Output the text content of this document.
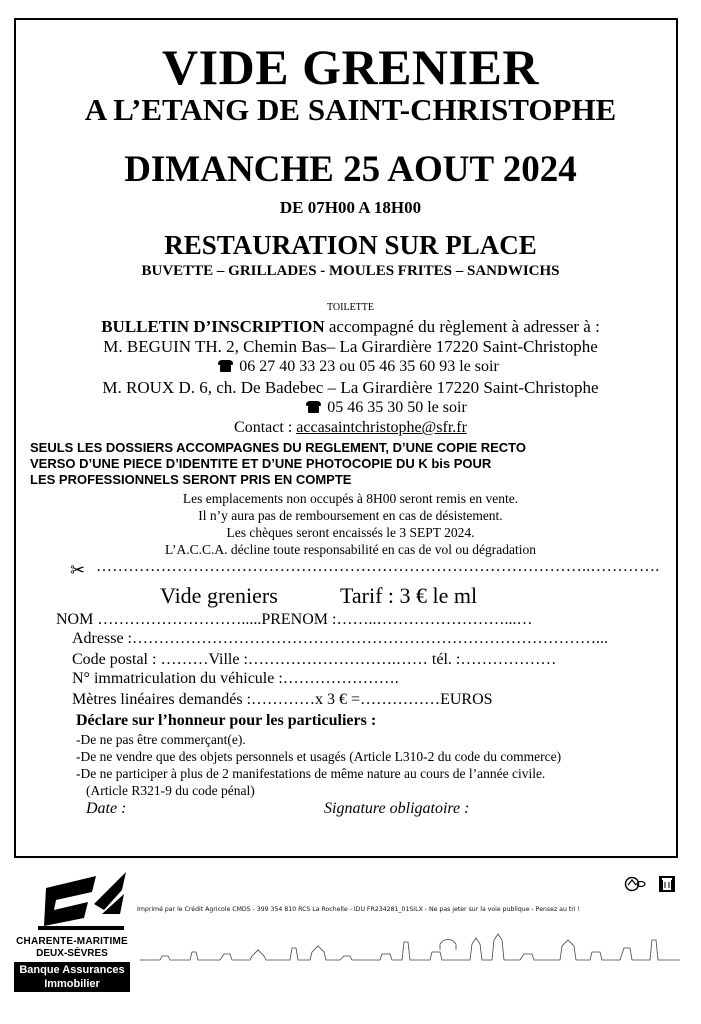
VIDE GRENIER
A L’ETANG DE SAINT-CHRISTOPHE
DIMANCHE 25 AOUT 2024
DE 07H00 A 18H00
RESTAURATION SUR PLACE
BUVETTE – GRILLADES - MOULES FRITES – SANDWICHS
TOILETTE
BULLETIN D’INSCRIPTION accompagné du règlement à adresser à :
M. BEGUIN TH. 2, Chemin Bas– La Girardière 17220 Saint-Christophe
06 27 40 33 23 ou 05 46 35 60 93 le soir
M. ROUX D. 6, ch. De Badebec – La Girardière 17220 Saint-Christophe
05 46 35 30 50 le soir
Contact : accasaintchristophe@sfr.fr
SEULS LES DOSSIERS ACCOMPAGNES DU REGLEMENT, D’UNE COPIE RECTO
VERSO D’UNE PIECE D’IDENTITE ET D’UNE PHOTOCOPIE DU K bis POUR
LES PROFESSIONNELS SERONT PRIS EN COMPTE
Les emplacements non occupés à 8H00 seront remis en vente.
Il n’y aura pas de remboursement en cas de désistement.
Les chèques seront encaissés le 3 SEPT 2024.
L’A.C.C.A. décline toute responsabilité en cas de vol ou dégradation
✂ ………………………………………………………………………………..………….
Vide greniers	Tarif : 3 € le ml
NOM ……………………….....PRENOM :……..……………………...…
Adresse :……………………………………………………………………………...
Code postal : ………Ville :……………………….…… tél. :………………
N° immatriculation du véhicule :………………….
Mètres linéaires demandés :…………x 3 € =……………EUROS
Déclare sur l’honneur pour les particuliers :
-De ne pas être commerçant(e).
-De ne vendre que des objets personnels et usagés (Article L310-2 du code du commerce)
-De ne participer à plus de 2 manifestations de même nature au cours de l’année civile.
(Article R321-9 du code pénal)
Date :	Signature obligatoire :
CHARENTE-MARITIME
DEUX-SÈVRES
Banque Assurances
Immobilier
Imprimé par le Crédit Agricole CMDS - 399 354 810 RCS La Rochelle - IDU FR234281_01SILX - Ne pas jeter sur la voie publique - Pensez au tri !
